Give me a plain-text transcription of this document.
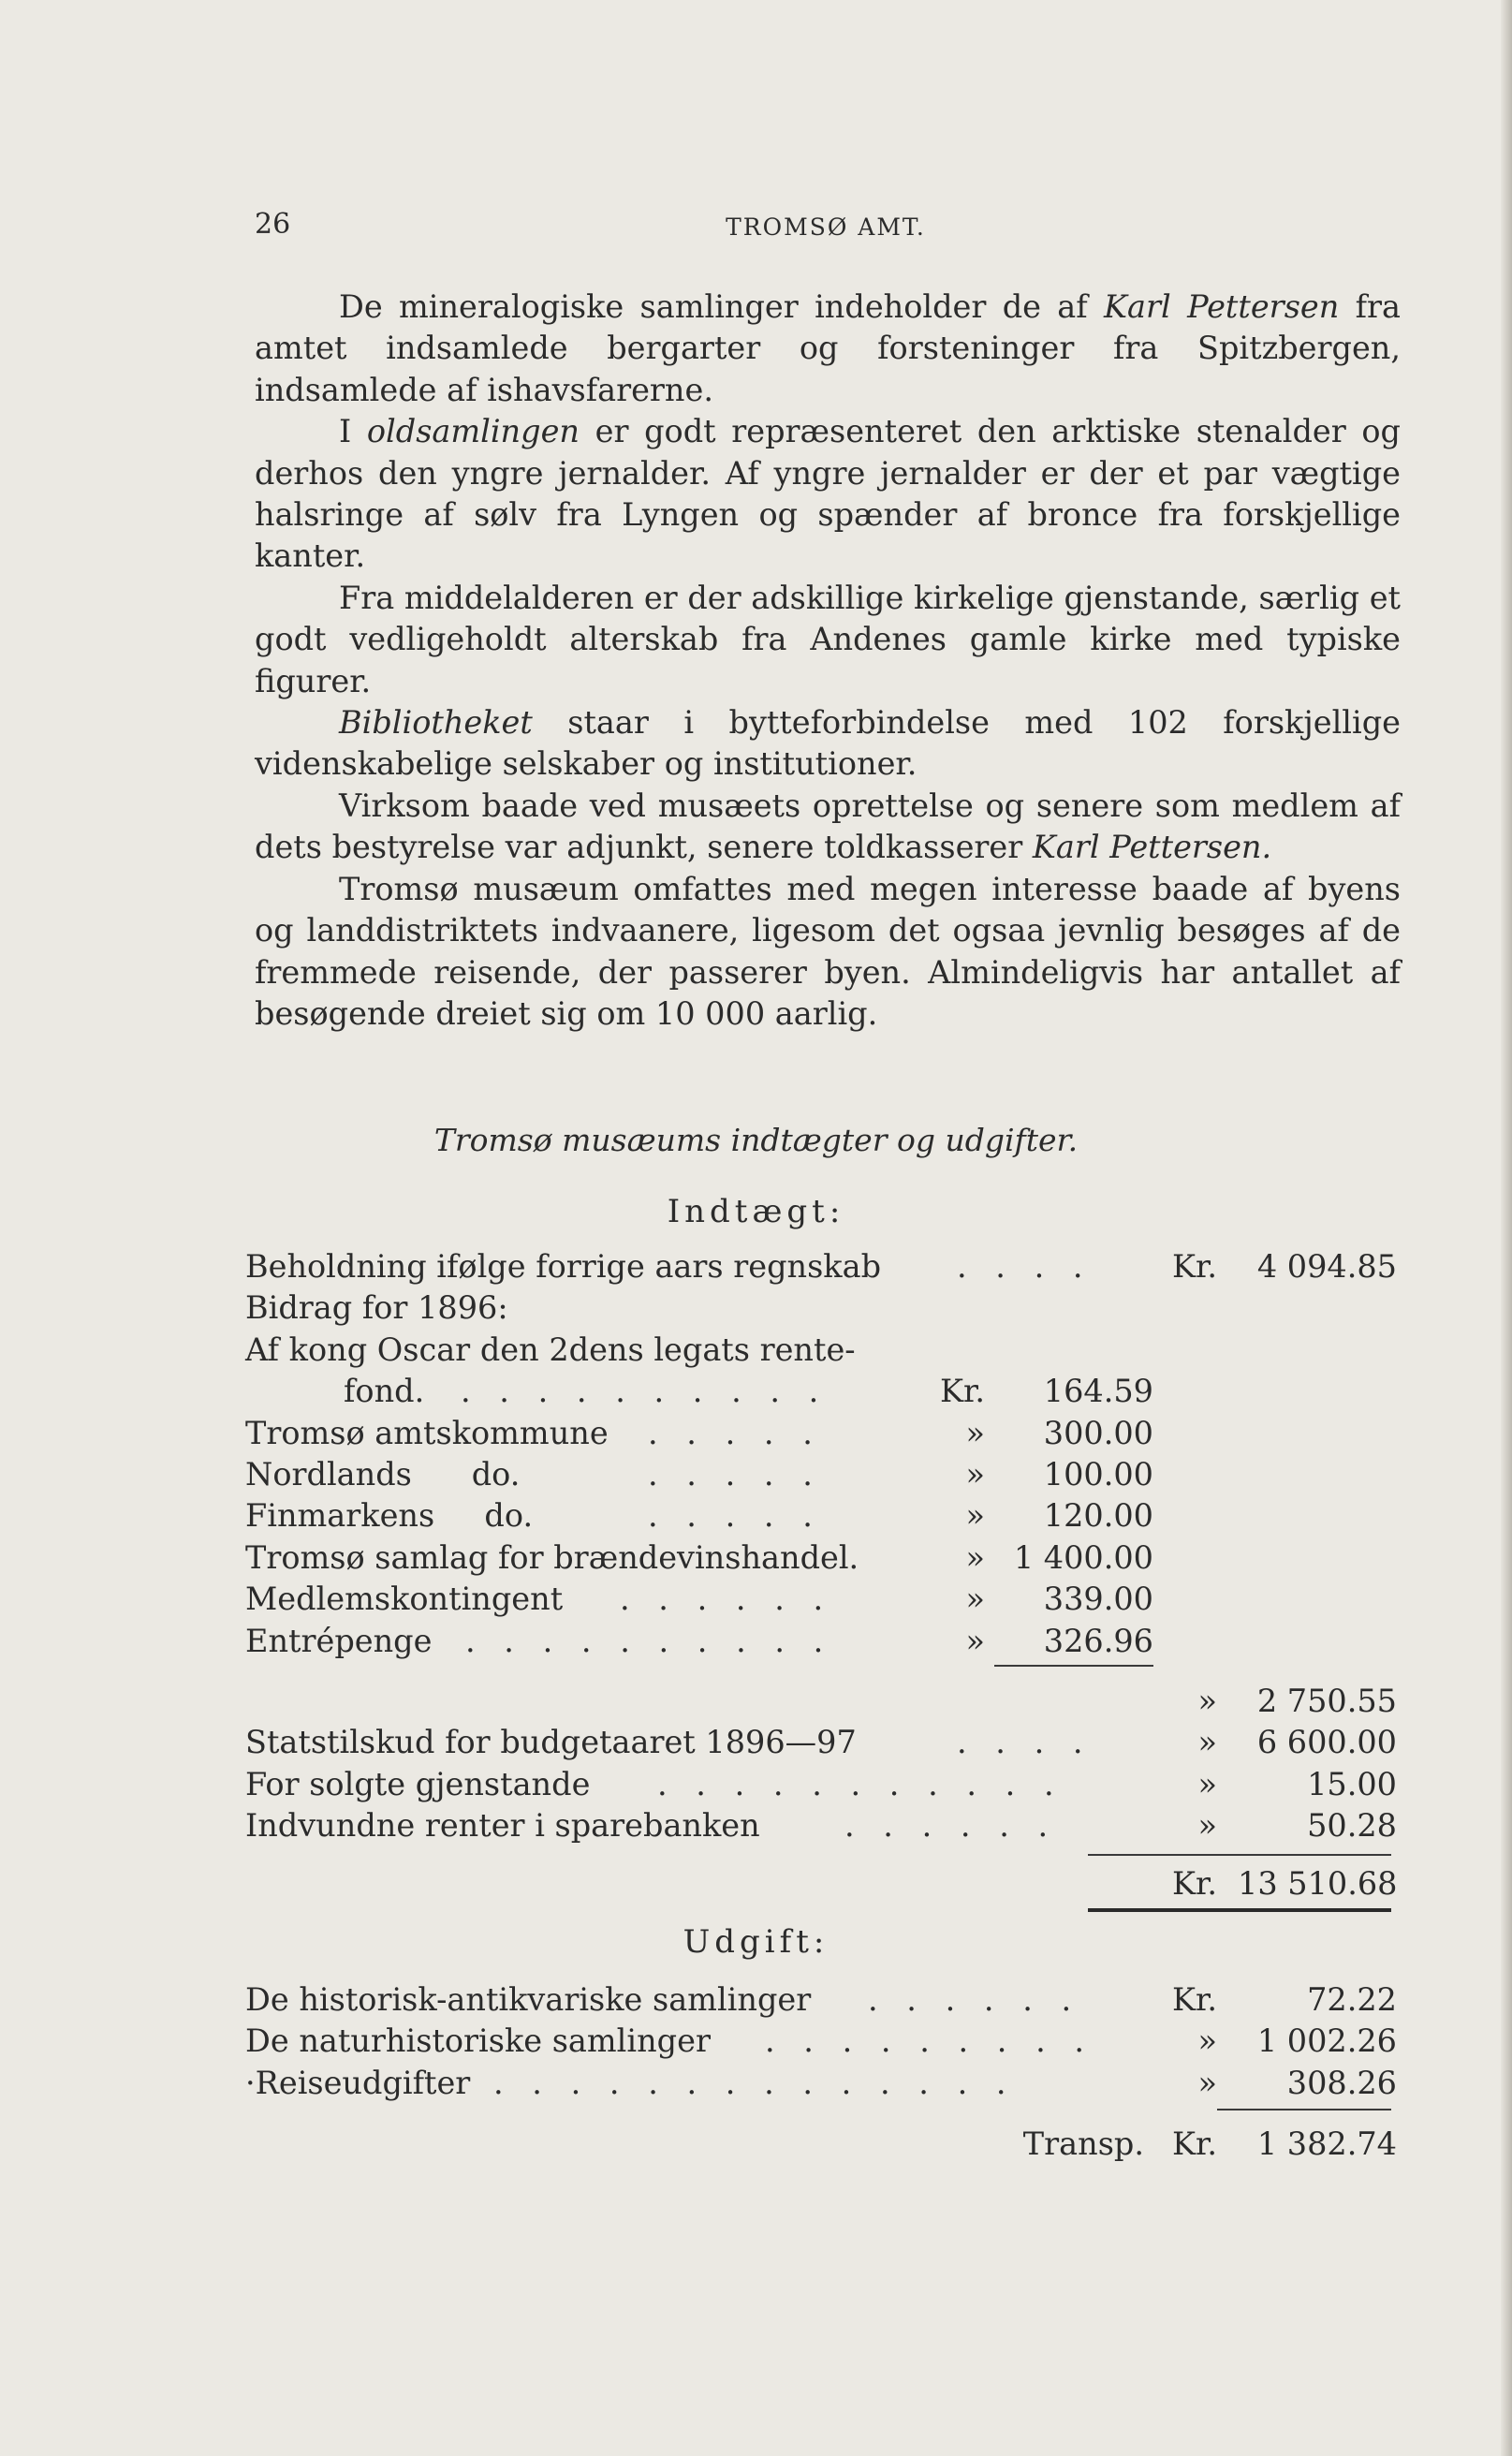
26	TROMSØ AMT.

De mineralogiske samlinger indeholder de af Karl Pettersen fra amtet indsamlede bergarter og forsteninger fra Spitzbergen, indsamlede af ishavsfarerne.

I oldsamlingen er godt repræsenteret den arktiske stenalder og derhos den yngre jernalder. Af yngre jernalder er der et par vægtige halsringe af sølv fra Lyngen og spænder af bronce fra forskjellige kanter.

Fra middelalderen er der adskillige kirkelige gjenstande, særlig et godt vedligeholdt alterskab fra Andenes gamle kirke med typiske figurer.

Bibliotheket staar i bytteforbindelse med 102 forskjellige videnskabelige selskaber og institutioner.

Virksom baade ved musæets oprettelse og senere som medlem af dets bestyrelse var adjunkt, senere toldkasserer Karl Pettersen.

Tromsø musæum omfattes med megen interesse baade af byens og landdistriktets indvaanere, ligesom det ogsaa jevnlig besøges af de fremmede reisende, der passerer byen. Almindeligvis har antallet af besøgende dreiet sig om 10 000 aarlig.

Tromsø musæums indtægter og udgifter.
Indtægt:
Beholdning ifølge forrige aars regnskab . . . .	Kr.	4 094.85
Bidrag for 1896:
Af kong Oscar den 2dens legats rente-
fond. . . . . . . . . . .	Kr.	164.59
Tromsø amtskommune . . . . .	»	300.00
Nordlands      do.	. . . . .	»	100.00
Finmarkens     do.	. . . . .	»	120.00
Tromsø samlag for brændevinshandel.	» 1 400.00
Medlemskontingent . . . . . .	»	339.00
Entrépenge . . . . . . . . . .	»	326.96
»	2 750.55
Statstilskud for budgetaaret 1896—97	. . . .	»	6 600.00
For solgte gjenstande . . . . . . . . . . .	»	15.00
Indvundne renter i sparebanken	. . . . . .	»	50.28
Kr. 13 510.68
Udgift:
De historisk-antikvariske samlinger . . . . . .	Kr.	72.22
De naturhistoriske samlinger . . . . . . . . .	»	1 002.26
·Reiseudgifter . . . . . . . . . . . . . .	»	308.26
Transp. Kr.	1 382.74
